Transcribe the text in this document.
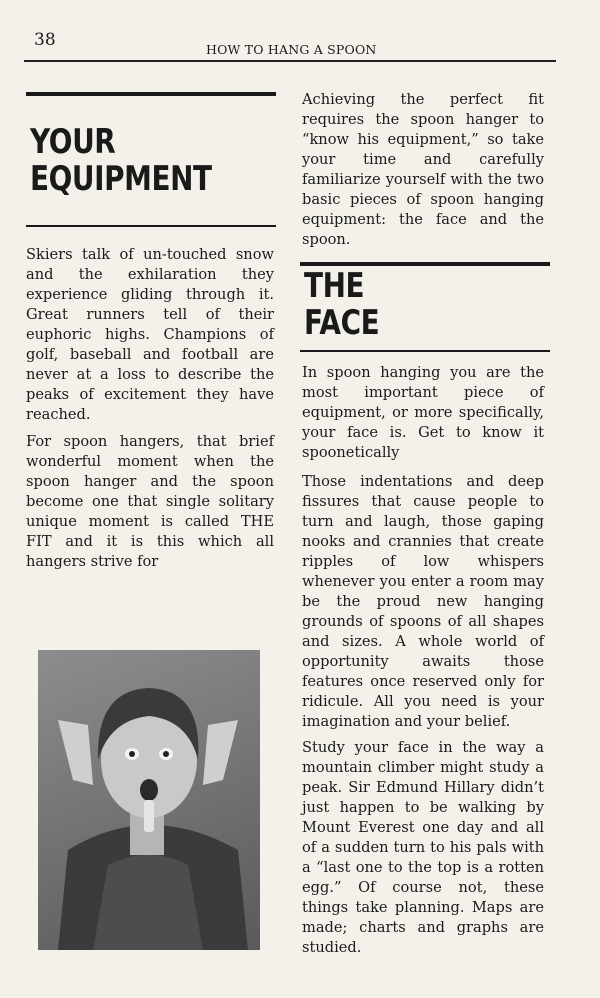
38	HOW TO HANG A SPOON
YOUR
EQUIPMENT
Skiers talk of un-touched snow and the exhilaration they experience gliding through it. Great runners tell of their euphoric highs. Champions of golf, baseball and football are never at a loss to describe the peaks of excitement they have reached.
For spoon hangers, that brief wonderful moment when the spoon hanger and the spoon become one that single solitary unique moment is called THE FIT and it is this which all hangers strive for
Achieving the perfect fit requires the spoon hanger to “know his equipment,” so take your time and carefully familiarize yourself with the two basic pieces of spoon hanging equipment: the face and the spoon.
THE
FACE
In spoon hanging you are the most important piece of equipment, or more specifically, your face is. Get to know it spoonetically
Those indentations and deep fissures that cause people to turn and laugh, those gaping nooks and crannies that create ripples of low whispers whenever you enter a room may be the proud new hanging grounds of spoons of all shapes and sizes. A whole world of opportunity awaits those features once reserved only for ridicule. All you need is your imagination and your belief.
Study your face in the way a mountain climber might study a peak. Sir Edmund Hillary didn’t just happen to be walking by Mount Everest one day and all of a sudden turn to his pals with a “last one to the top is a rotten egg.” Of course not, these things take planning. Maps are made; charts and graphs are studied.
